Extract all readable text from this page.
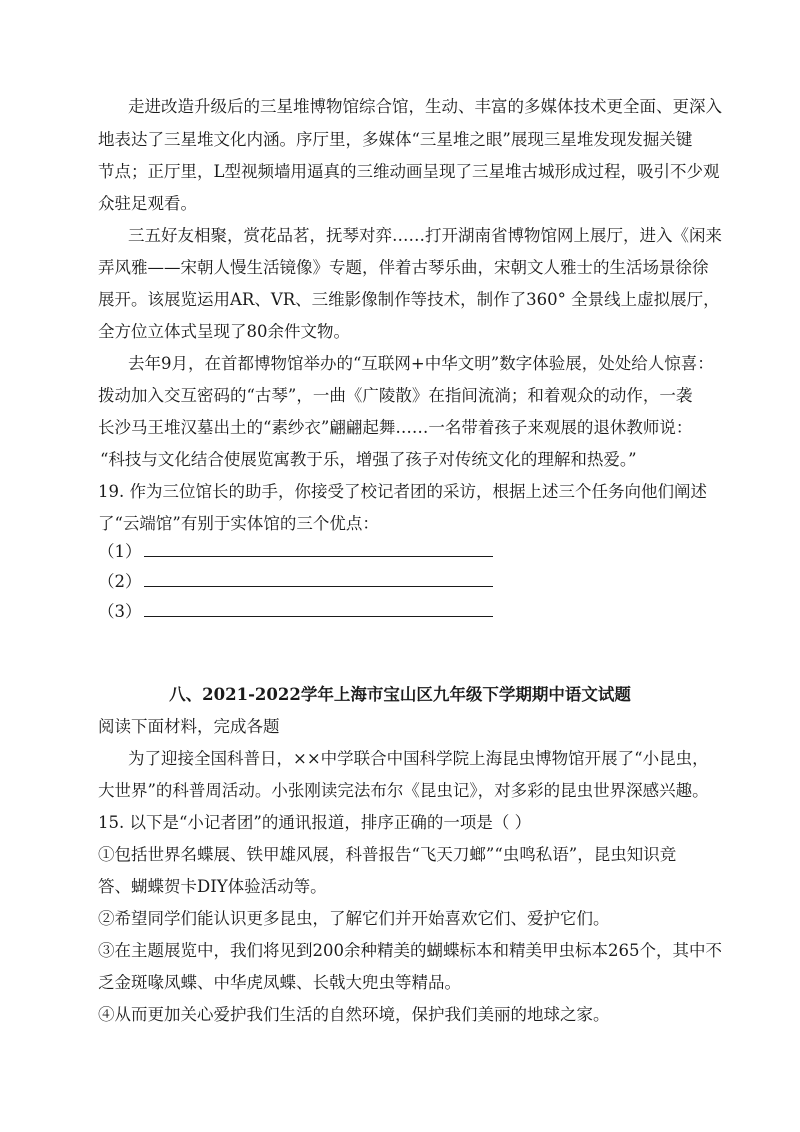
走进改造升级后的三星堆博物馆综合馆，生动、丰富的多媒体技术更全面、更深入
地表达了三星堆文化内涵。序厅里，多媒体“三星堆之眼”展现三星堆发现发掘关键
节点；正厅里，L型视频墙用逼真的三维动画呈现了三星堆古城形成过程，吸引不少观
众驻足观看。
三五好友相聚，赏花品茗，抚琴对弈……打开湖南省博物馆网上展厅，进入《闲来
弄风雅——宋朝人慢生活镜像》专题，伴着古琴乐曲，宋朝文人雅士的生活场景徐徐
展开。该展览运用AR、VR、三维影像制作等技术，制作了360° 全景线上虚拟展厅，
全方位立体式呈现了80余件文物。
去年9月，在首都博物馆举办的“互联网+中华文明”数字体验展，处处给人惊喜：
拨动加入交互密码的“古琴”，一曲《广陵散》在指间流淌；和着观众的动作，一袭
长沙马王堆汉墓出土的“素纱衣”翩翩起舞……一名带着孩子来观展的退休教师说：
“科技与文化结合使展览寓教于乐，增强了孩子对传统文化的理解和热爱。”
19. 作为三位馆长的助手，你接受了校记者团的采访，根据上述三个任务向他们阐述
了“云端馆”有别于实体馆的三个优点：
（1）
（2）
（3）
八、2021-2022学年上海市宝山区九年级下学期期中语文试题
阅读下面材料，完成各题
为了迎接全国科普日，××中学联合中国科学院上海昆虫博物馆开展了“小昆虫，
大世界”的科普周活动。小张刚读完法布尔《昆虫记》，对多彩的昆虫世界深感兴趣。
15. 以下是“小记者团”的通讯报道，排序正确的一项是（ ）
①包括世界名蝶展、铁甲雄风展，科普报告“飞天刀螂”“虫鸣私语”，昆虫知识竞
答、蝴蝶贺卡DIY体验活动等。
②希望同学们能认识更多昆虫，了解它们并开始喜欢它们、爱护它们。
③在主题展览中，我们将见到200余种精美的蝴蝶标本和精美甲虫标本265个，其中不
乏金斑喙凤蝶、中华虎凤蝶、长戟大兜虫等精品。
④从而更加关心爱护我们生活的自然环境，保护我们美丽的地球之家。
